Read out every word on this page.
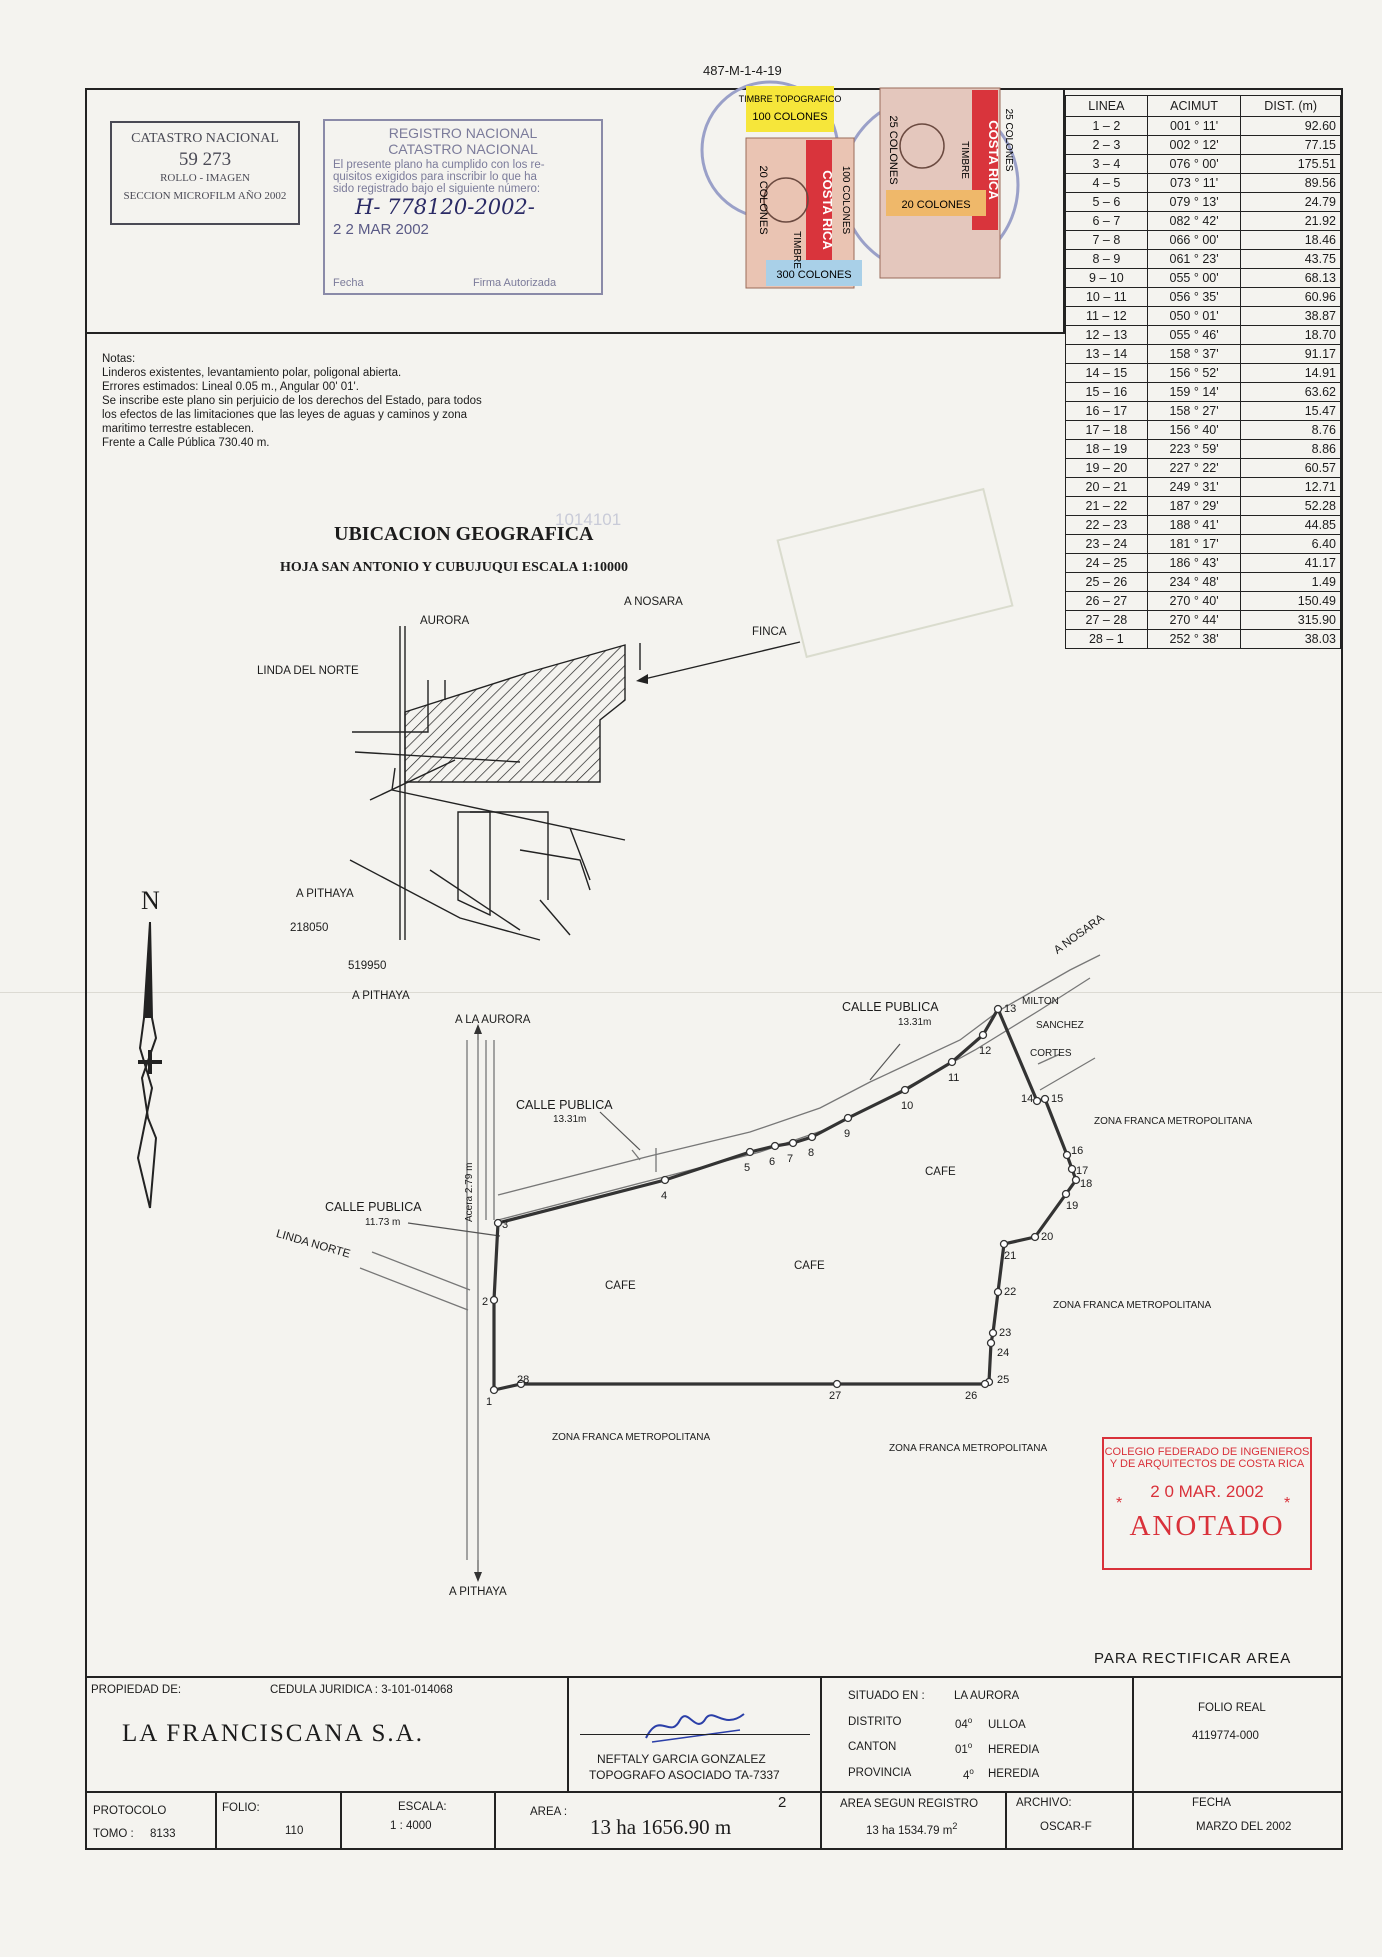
487-M-1-4-19
CATASTRO NACIONAL
59 273
ROLLO - IMAGEN
SECCION MICROFILM AÑO 2002
REGISTRO NACIONAL
CATASTRO NACIONAL
El presente plano ha cumplido con los re-
quisitos exigidos para inscribir lo que ha
sido registrado bajo el siguiente número:
H- 778120-2002-
2 2 MAR 2002
Fecha	Firma Autorizada
TIMBRE TOPOGRAFICO
100 COLONES
20 COLONES	COSTA RICA
TIMBRE
100 COLONES
300 COLONES
25 COLONES	COSTA RICA
TIMBRE	25 COLONES
20 COLONES
LINEA	ACIMUT	DIST. (m)
1 – 2	001 ° 11'	92.60
2 – 3	002 ° 12'	77.15
3 – 4	076 ° 00'	175.51
4 – 5	073 ° 11'	89.56
5 – 6	079 ° 13'	24.79
6 – 7	082 ° 42'	21.92
7 – 8	066 ° 00'	18.46
8 – 9	061 ° 23'	43.75
9 – 10	055 ° 00'	68.13
10 – 11	056 ° 35'	60.96
11 – 12	050 ° 01'	38.87
12 – 13	055 ° 46'	18.70
13 – 14	158 ° 37'	91.17
14 – 15	156 ° 52'	14.91
15 – 16	159 ° 14'	63.62
16 – 17	158 ° 27'	15.47
17 – 18	156 ° 40'	8.76
18 – 19	223 ° 59'	8.86
19 – 20	227 ° 22'	60.57
20 – 21	249 ° 31'	12.71
21 – 22	187 ° 29'	52.28
22 – 23	188 ° 41'	44.85
23 – 24	181 ° 17'	6.40
24 – 25	186 ° 43'	41.17
25 – 26	234 ° 48'	1.49
26 – 27	270 ° 40'	150.49
27 – 28	270 ° 44'	315.90
28 – 1	252 ° 38'	38.03
Notas:
Linderos existentes, levantamiento polar, poligonal abierta.
Errores estimados: Lineal 0.05 m., Angular 00' 01'.
Se inscribe este plano sin perjuicio de los derechos del Estado, para todos
los efectos de las limitaciones que las leyes de aguas y caminos y zona
maritimo terrestre establecen.
Frente a Calle Pública 730.40 m.
1014101
UBICACION GEOGRAFICA
HOJA SAN ANTONIO Y CUBUJUQUI ESCALA 1:10000
AURORA
A NOSARA
FINCA
LINDA DEL NORTE
A PITHAYA
218050
519950
A PITHAYA
N
A NOSARA
A LA AURORA
CALLE PUBLICA
13.31m
CALLE PUBLICA
13.31m
CALLE PUBLICA
11.73 m
Acera 2.79 m
LINDA NORTE
MILTON
SANCHEZ
CORTES
ZONA FRANCA METROPOLITANA
ZONA FRANCA METROPOLITANA
ZONA FRANCA METROPOLITANA
ZONA FRANCA METROPOLITANA
CAFE
CAFE
CAFE
A PITHAYA
1
2
3
4
5 6 7 8
9
10
11
12
13
14 15
16
17
18
19
20
21
22
23
24
25
26
27
28
COLEGIO FEDERADO DE INGENIEROS
Y DE ARQUITECTOS DE COSTA RICA
2 0 MAR. 2002
ANOTADO
*	*
PARA RECTIFICAR AREA
PROPIEDAD DE:	CEDULA JURIDICA : 3-101-014068
LA FRANCISCANA S.A.
NEFTALY GARCIA GONZALEZ
TOPOGRAFO ASOCIADO TA-7337
SITUADO EN :	LA AURORA
DISTRITO	04$^o$ ULLOA
CANTON	01$^o$ HEREDIA
PROVINCIA	4$^o$ HEREDIA
FOLIO REAL
4119774-000
PROTOCOLO
TOMO : 8133
FOLIO:
110
ESCALA:
1 : 4000
AREA :
13 ha 1656.90 m
2	AREA SEGUN REGISTRO
13 ha 1534.79 $m^2$
ARCHIVO:
OSCAR-F
FECHA
MARZO DEL 2002
